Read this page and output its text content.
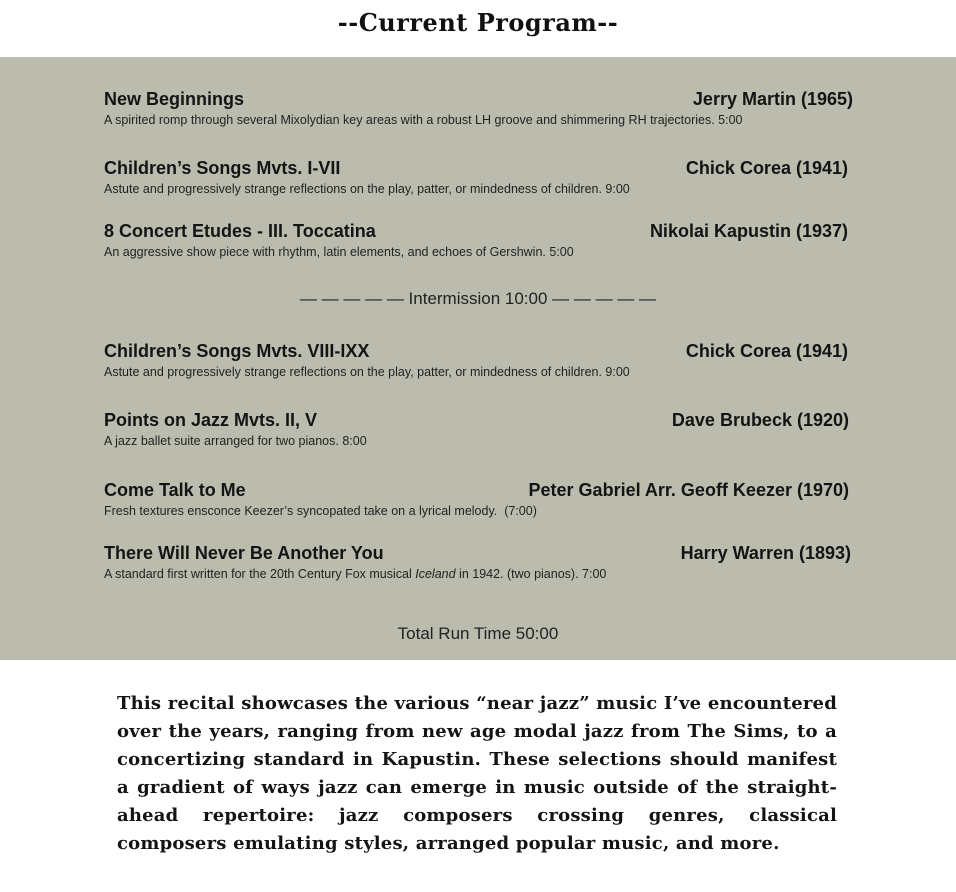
--Current Program--
New Beginnings	Jerry Martin (1965)
A spirited romp through several Mixolydian key areas with a robust LH groove and shimmering RH trajectories. 5:00
Children’s Songs Mvts. I-VII	Chick Corea (1941)
Astute and progressively strange reflections on the play, patter, or mindedness of children. 9:00
8 Concert Etudes - III. Toccatina	Nikolai Kapustin (1937)
An aggressive show piece with rhythm, latin elements, and echoes of Gershwin. 5:00
— — — — — Intermission 10:00 — — — — —
Children’s Songs Mvts. VIII-IXX	Chick Corea (1941)
Astute and progressively strange reflections on the play, patter, or mindedness of children. 9:00
Points on Jazz Mvts. II, V	Dave Brubeck (1920)
A jazz ballet suite arranged for two pianos. 8:00
Come Talk to Me	Peter Gabriel Arr. Geoff Keezer (1970)
Fresh textures ensconce Keezer’s syncopated take on a lyrical melody.  (7:00)
There Will Never Be Another You	Harry Warren (1893)
A standard first written for the 20th Century Fox musical Iceland in 1942. (two pianos). 7:00
Total Run Time 50:00
This recital showcases the various “near jazz” music I’ve encountered over the years, ranging from new age modal jazz from The Sims, to a concertizing standard in Kapustin. These selections should manifest a gradient of ways jazz can emerge in music outside of the straight-ahead repertoire: jazz composers crossing genres, classical composers emulating styles, arranged popular music, and more.
